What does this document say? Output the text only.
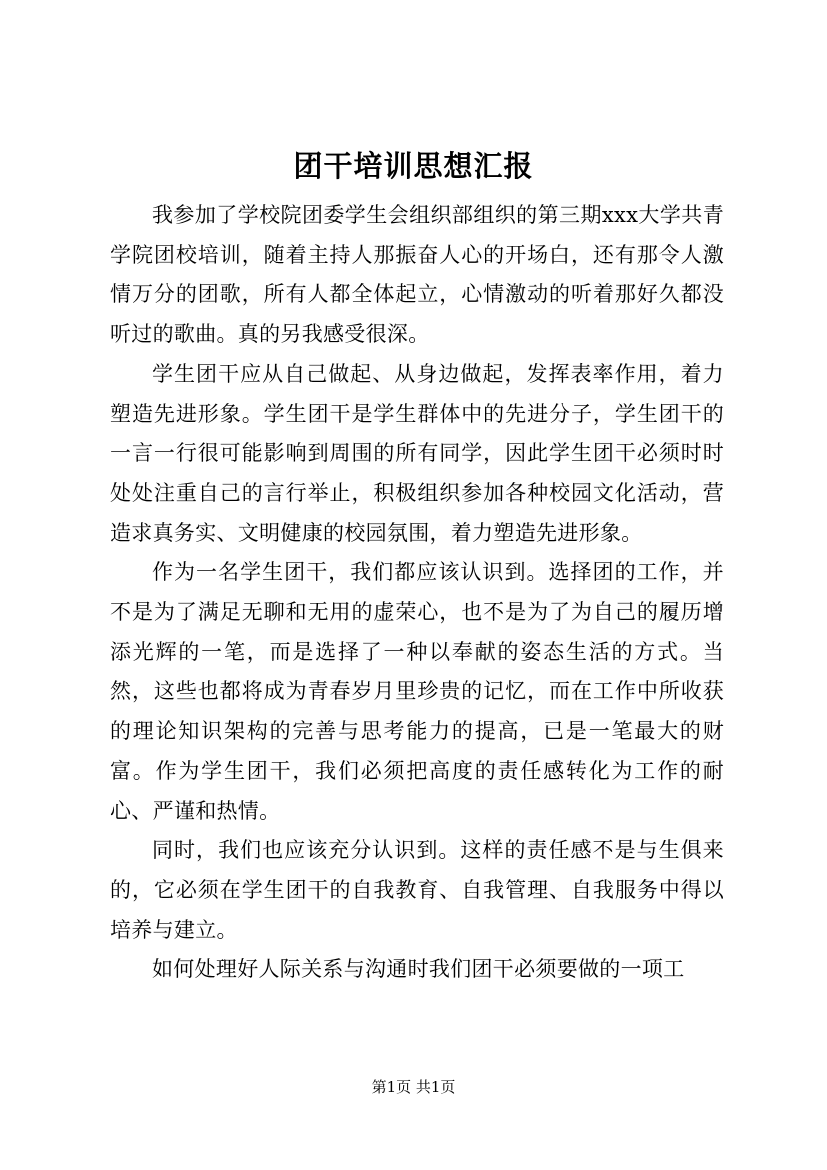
团干培训思想汇报

我参加了学校院团委学生会组织部组织的第三期xxx大学共青学院团校培训，随着主持人那振奋人心的开场白，还有那令人激情万分的团歌，所有人都全体起立，心情激动的听着那好久都没听过的歌曲。真的另我感受很深。

学生团干应从自己做起、从身边做起，发挥表率作用，着力塑造先进形象。学生团干是学生群体中的先进分子，学生团干的一言一行很可能影响到周围的所有同学，因此学生团干必须时时处处注重自己的言行举止，积极组织参加各种校园文化活动，营造求真务实、文明健康的校园氛围，着力塑造先进形象。

作为一名学生团干，我们都应该认识到。选择团的工作，并不是为了满足无聊和无用的虚荣心，也不是为了为自己的履历增添光辉的一笔，而是选择了一种以奉献的姿态生活的方式。当然，这些也都将成为青春岁月里珍贵的记忆，而在工作中所收获的理论知识架构的完善与思考能力的提高，已是一笔最大的财富。作为学生团干，我们必须把高度的责任感转化为工作的耐心、严谨和热情。

同时，我们也应该充分认识到。这样的责任感不是与生俱来的，它必须在学生团干的自我教育、自我管理、自我服务中得以培养与建立。

如何处理好人际关系与沟通时我们团干必须要做的一项工

第1页 共1页
